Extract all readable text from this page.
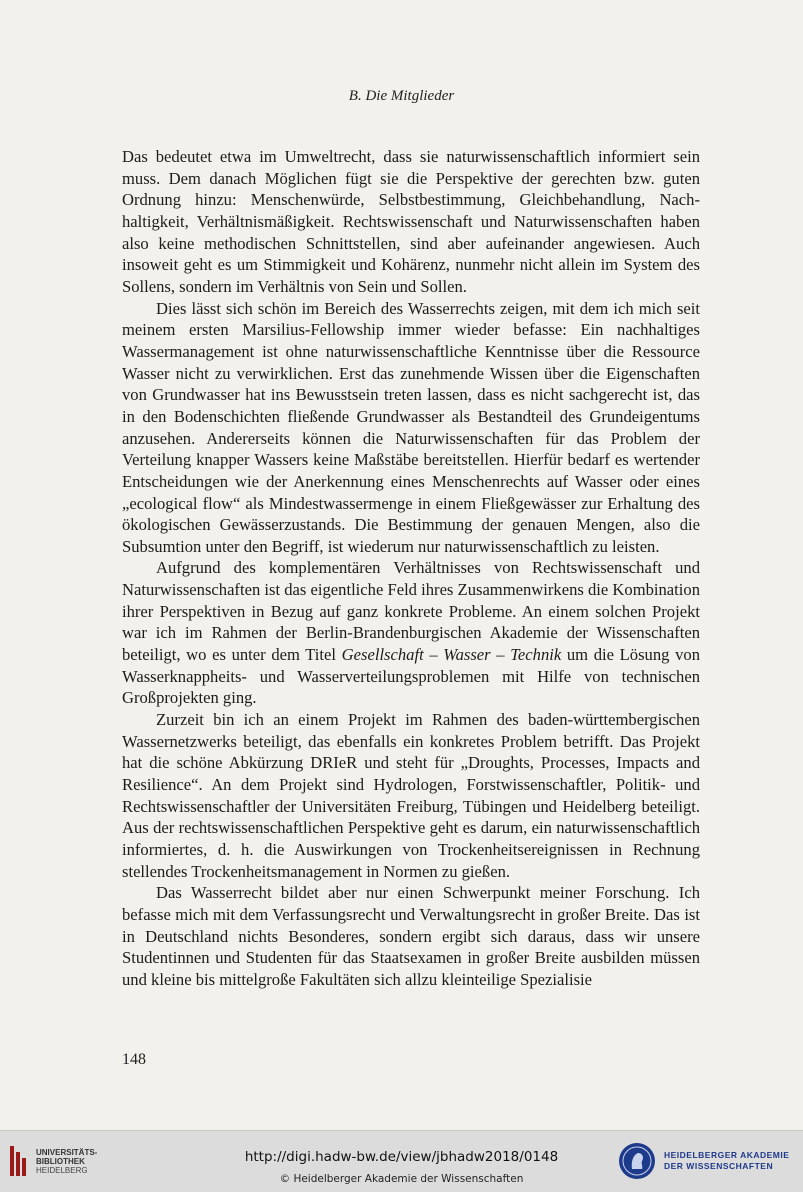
B. Die Mitglieder

Das bedeutet etwa im Umweltrecht, dass sie naturwissenschaftlich informiert sein muss. Dem danach Möglichen fügt sie die Perspektive der gerechten bzw. guten Ordnung hinzu: Menschenwürde, Selbstbestimmung, Gleichbehandlung, Nachhaltigkeit, Verhältnismäßigkeit. Rechtswissenschaft und Naturwissenschaften haben also keine methodischen Schnittstellen, sind aber aufeinander angewiesen. Auch insoweit geht es um Stimmigkeit und Kohärenz, nunmehr nicht allein im System des Sollens, sondern im Verhältnis von Sein und Sollen.

Dies lässt sich schön im Bereich des Wasserrechts zeigen, mit dem ich mich seit meinem ersten Marsilius-Fellowship immer wieder befasse: Ein nachhaltiges Wassermanagement ist ohne naturwissenschaftliche Kenntnisse über die Ressource Wasser nicht zu verwirklichen. Erst das zunehmende Wissen über die Eigenschaften von Grundwasser hat ins Bewusstsein treten lassen, dass es nicht sachgerecht ist, das in den Bodenschichten fließende Grundwasser als Bestandteil des Grundeigentums anzusehen. Andererseits können die Naturwissenschaften für das Problem der Verteilung knapper Wassers keine Maßstäbe bereitstellen. Hierfür bedarf es wertender Entscheidungen wie der Anerkennung eines Menschenrechts auf Wasser oder eines „ecological flow“ als Mindestwassermenge in einem Fließgewässer zur Erhaltung des ökologischen Gewässerzustands. Die Bestimmung der genauen Mengen, also die Subsumtion unter den Begriff, ist wiederum nur naturwissenschaftlich zu leisten.

Aufgrund des komplementären Verhältnisses von Rechtswissenschaft und Naturwissenschaften ist das eigentliche Feld ihres Zusammenwirkens die Kombination ihrer Perspektiven in Bezug auf ganz konkrete Probleme. An einem solchen Projekt war ich im Rahmen der Berlin-Brandenburgischen Akademie der Wissenschaften beteiligt, wo es unter dem Titel Gesellschaft – Wasser – Technik um die Lösung von Wasserknappheits- und Wasserverteilungsproblemen mit Hilfe von technischen Großprojekten ging.

Zurzeit bin ich an einem Projekt im Rahmen des baden-württembergischen Wassernetzwerks beteiligt, das ebenfalls ein konkretes Problem betrifft. Das Projekt hat die schöne Abkürzung DRIeR und steht für „Droughts, Processes, Impacts and Resilience“. An dem Projekt sind Hydrologen, Forstwissenschaftler, Politik- und Rechtswissenschaftler der Universitäten Freiburg, Tübingen und Heidelberg beteiligt. Aus der rechtswissenschaftlichen Perspektive geht es darum, ein naturwissenschaftlich informiertes, d. h. die Auswirkungen von Trockenheitsereignissen in Rechnung stellendes Trockenheitsmanagement in Normen zu gießen.

Das Wasserrecht bildet aber nur einen Schwerpunkt meiner Forschung. Ich befasse mich mit dem Verfassungsrecht und Verwaltungsrecht in großer Breite. Das ist in Deutschland nichts Besonderes, sondern ergibt sich daraus, dass wir unsere Studentinnen und Studenten für das Staatsexamen in großer Breite ausbilden müssen und kleine bis mittelgroße Fakultäten sich allzu kleinteilige Spezialisie

148
UNIVERSITÄTS-
BIBLIOTHEK
HEIDELBERG
http://digi.hadw-bw.de/view/jbhadw2018/0148
© Heidelberger Akademie der Wissenschaften
HEIDELBERGER AKADEMIE
DER WISSENSCHAFTEN
